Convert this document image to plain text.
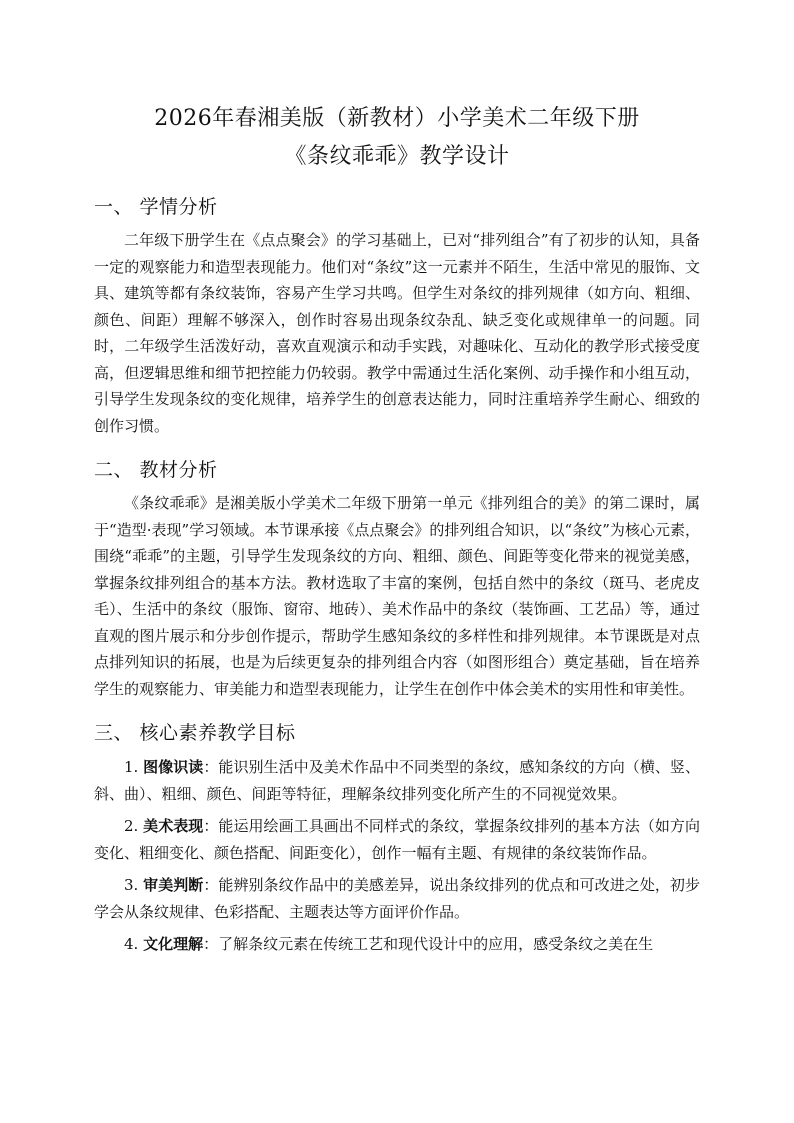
2026年春湘美版（新教材）小学美术二年级下册
《条纹乖乖》教学设计
一、 学情分析

二年级下册学生在《点点聚会》的学习基础上，已对“排列组合”有了初步的认知，具备一定的观察能力和造型表现能力。他们对“条纹”这一元素并不陌生，生活中常见的服饰、文具、建筑等都有条纹装饰，容易产生学习共鸣。但学生对条纹的排列规律（如方向、粗细、颜色、间距）理解不够深入，创作时容易出现条纹杂乱、缺乏变化或规律单一的问题。同时，二年级学生活泼好动，喜欢直观演示和动手实践，对趣味化、互动化的教学形式接受度高，但逻辑思维和细节把控能力仍较弱。教学中需通过生活化案例、动手操作和小组互动，引导学生发现条纹的变化规律，培养学生的创意表达能力，同时注重培养学生耐心、细致的创作习惯。

二、 教材分析

《条纹乖乖》是湘美版小学美术二年级下册第一单元《排列组合的美》的第二课时，属于“造型·表现”学习领域。本节课承接《点点聚会》的排列组合知识，以“条纹”为核心元素，围绕“乖乖”的主题，引导学生发现条纹的方向、粗细、颜色、间距等变化带来的视觉美感，掌握条纹排列组合的基本方法。教材选取了丰富的案例，包括自然中的条纹（斑马、老虎皮毛）、生活中的条纹（服饰、窗帘、地砖）、美术作品中的条纹（装饰画、工艺品）等，通过直观的图片展示和分步创作提示，帮助学生感知条纹的多样性和排列规律。本节课既是对点点排列知识的拓展，也是为后续更复杂的排列组合内容（如图形组合）奠定基础，旨在培养学生的观察能力、审美能力和造型表现能力，让学生在创作中体会美术的实用性和审美性。

三、 核心素养教学目标

1. 图像识读：能识别生活中及美术作品中不同类型的条纹，感知条纹的方向（横、竖、斜、曲）、粗细、颜色、间距等特征，理解条纹排列变化所产生的不同视觉效果。

2. 美术表现：能运用绘画工具画出不同样式的条纹，掌握条纹排列的基本方法（如方向变化、粗细变化、颜色搭配、间距变化），创作一幅有主题、有规律的条纹装饰作品。

3. 审美判断：能辨别条纹作品中的美感差异，说出条纹排列的优点和可改进之处，初步学会从条纹规律、色彩搭配、主题表达等方面评价作品。

4. 文化理解：了解条纹元素在传统工艺和现代设计中的应用，感受条纹之美在生
